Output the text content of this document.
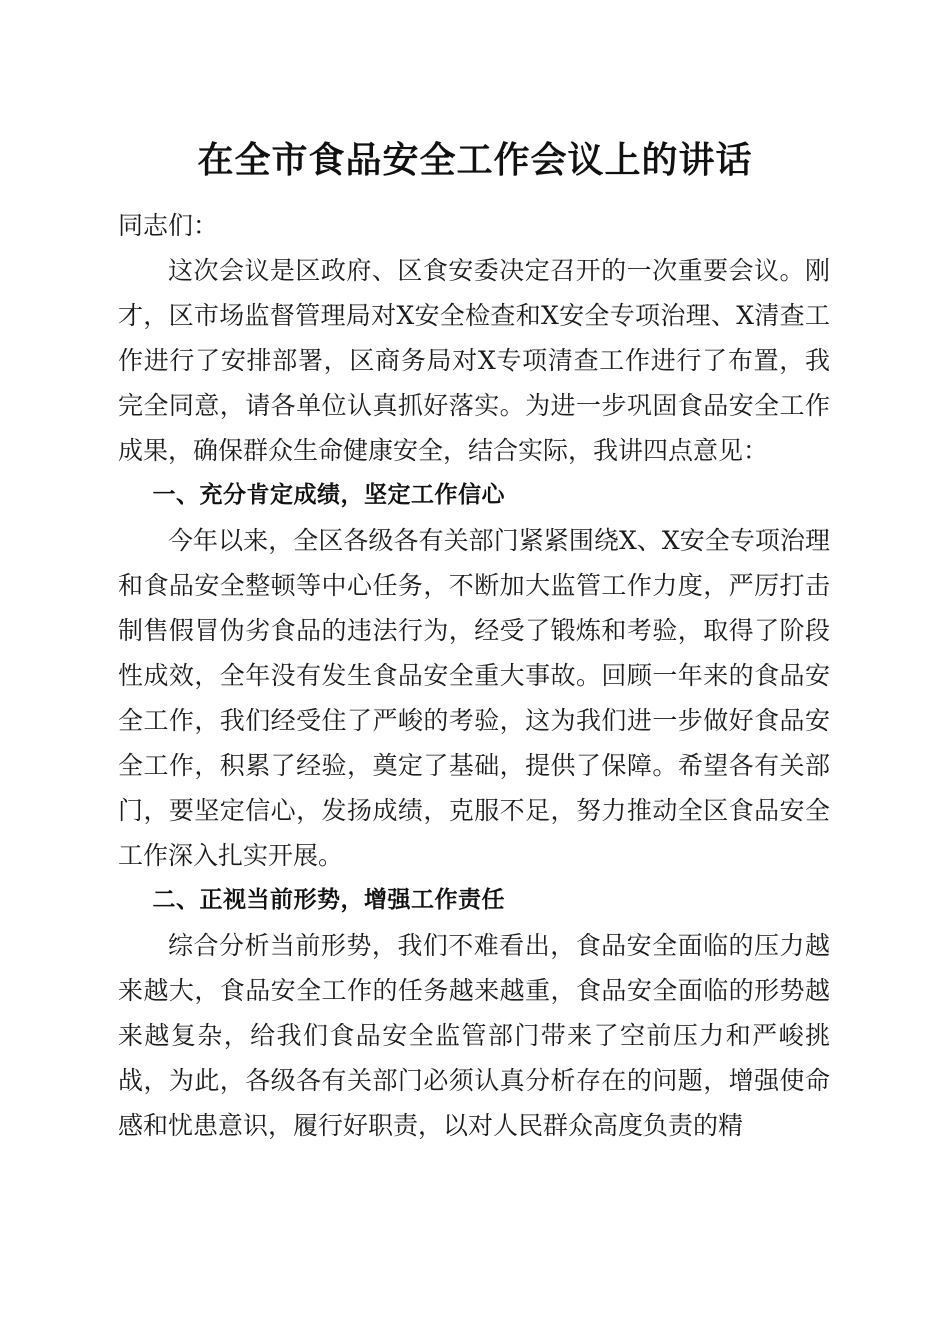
在全市食品安全工作会议上的讲话

同志们：

这次会议是区政府、区食安委决定召开的一次重要会议。刚才，区市场监督管理局对X安全检查和X安全专项治理、X清查工作进行了安排部署，区商务局对X专项清查工作进行了布置，我完全同意，请各单位认真抓好落实。为进一步巩固食品安全工作成果，确保群众生命健康安全，结合实际，我讲四点意见：

一、充分肯定成绩，坚定工作信心

今年以来，全区各级各有关部门紧紧围绕X、X安全专项治理和食品安全整顿等中心任务，不断加大监管工作力度，严厉打击制售假冒伪劣食品的违法行为，经受了锻炼和考验，取得了阶段性成效，全年没有发生食品安全重大事故。回顾一年来的食品安全工作，我们经受住了严峻的考验，这为我们进一步做好食品安全工作，积累了经验，奠定了基础，提供了保障。希望各有关部门，要坚定信心，发扬成绩，克服不足，努力推动全区食品安全工作深入扎实开展。

二、正视当前形势，增强工作责任

综合分析当前形势，我们不难看出，食品安全面临的压力越来越大，食品安全工作的任务越来越重，食品安全面临的形势越来越复杂，给我们食品安全监管部门带来了空前压力和严峻挑战，为此，各级各有关部门必须认真分析存在的问题，增强使命感和忧患意识，履行好职责，以对人民群众高度负责的精
